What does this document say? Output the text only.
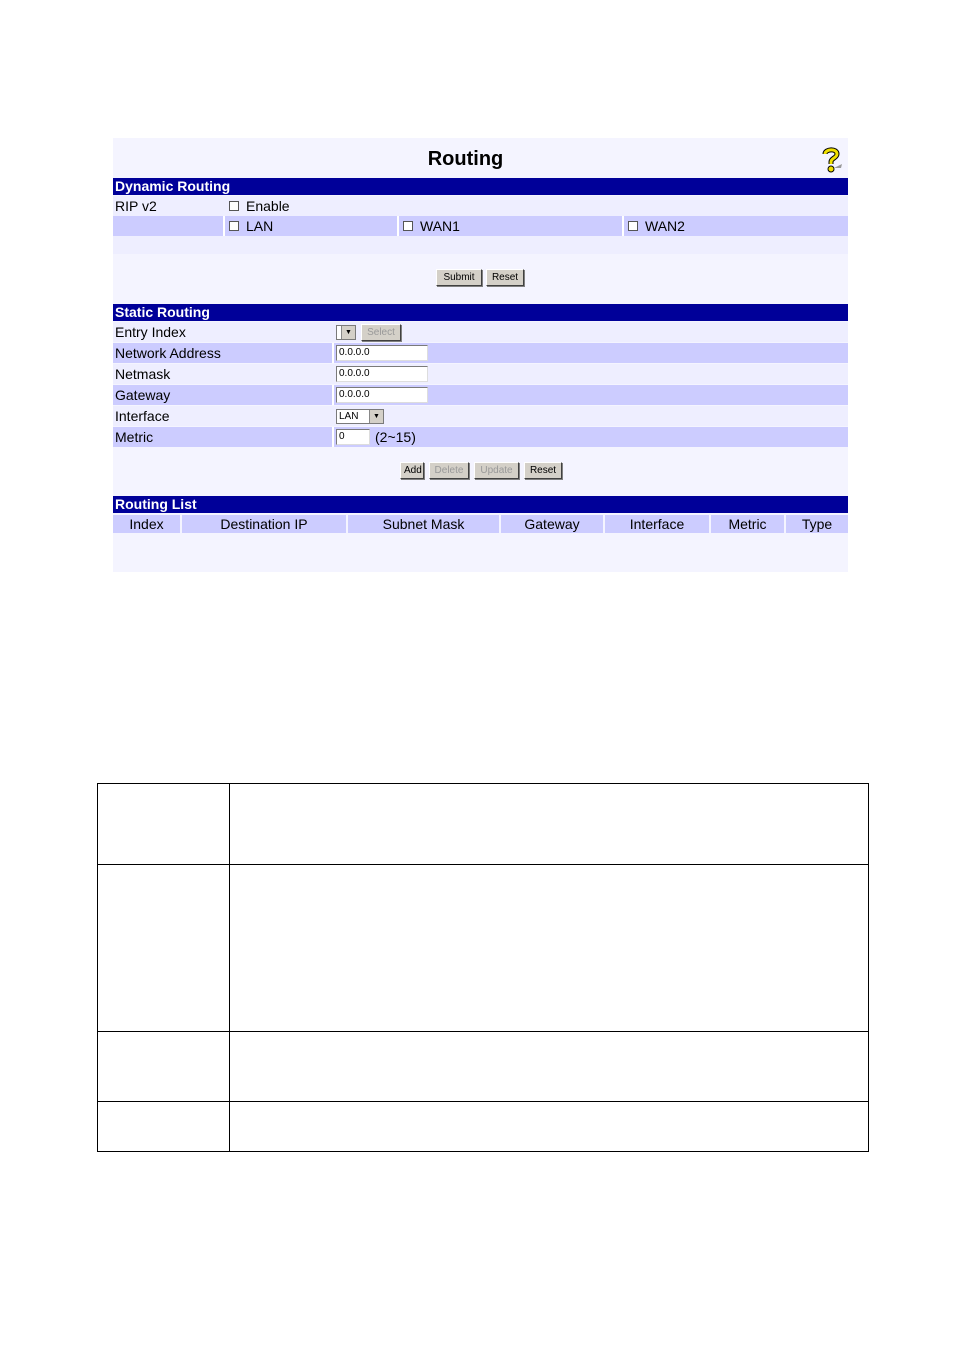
Routing
Dynamic Routing
RIP v2	Enable
LAN	WAN1	WAN2
Submit	Reset
Static Routing
Entry Index	▼	Select
Network Address	0.0.0.0
Netmask	0.0.0.0
Gateway	0.0.0.0
Interface	LAN	▼
Metric	0	(2~15)
Add	Delete	Update	Reset
Routing List
Index	Destination IP	Subnet Mask	Gateway	Interface	Metric	Type
